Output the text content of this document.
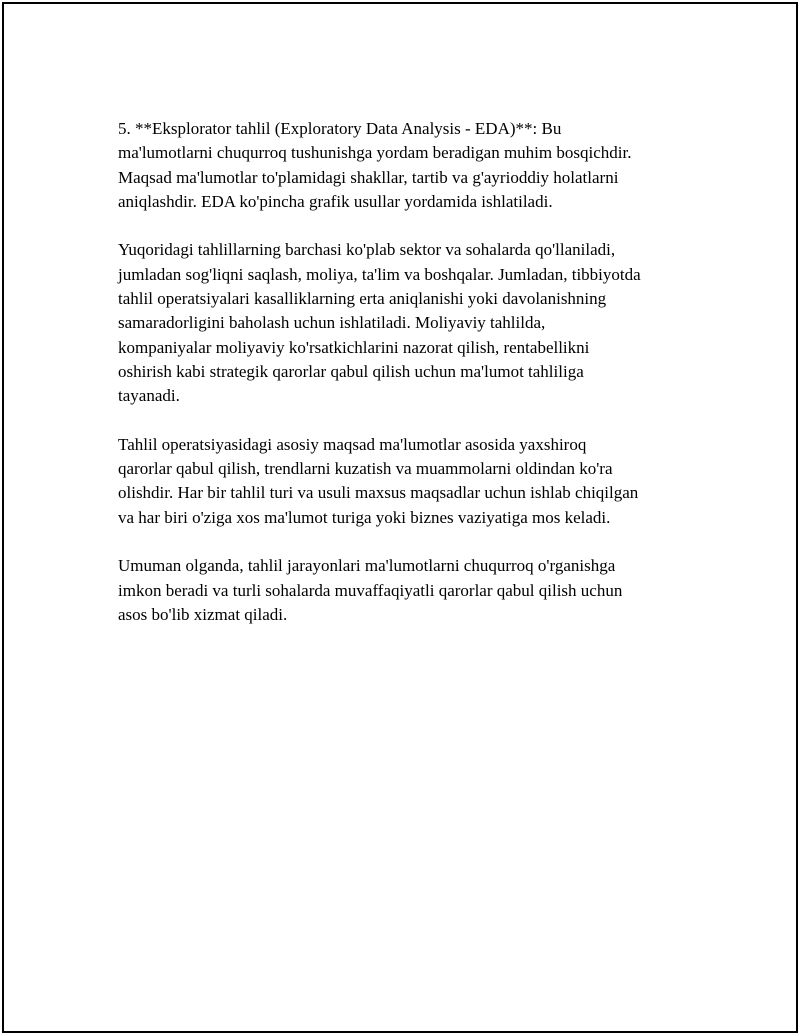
5. **Eksplorator tahlil (Exploratory Data Analysis - EDA)**: Bu
ma'lumotlarni chuqurroq tushunishga yordam beradigan muhim bosqichdir.
Maqsad ma'lumotlar to'plamidagi shakllar, tartib va g'ayrioddiy holatlarni
aniqlashdir. EDA ko'pincha grafik usullar yordamida ishlatiladi.

Yuqoridagi tahlillarning barchasi ko'plab sektor va sohalarda qo'llaniladi,
jumladan sog'liqni saqlash, moliya, ta'lim va boshqalar. Jumladan, tibbiyotda
tahlil operatsiyalari kasalliklarning erta aniqlanishi yoki davolanishning
samaradorligini baholash uchun ishlatiladi. Moliyaviy tahlilda,
kompaniyalar moliyaviy ko'rsatkichlarini nazorat qilish, rentabellikni
oshirish kabi strategik qarorlar qabul qilish uchun ma'lumot tahliliga
tayanadi.

Tahlil operatsiyasidagi asosiy maqsad ma'lumotlar asosida yaxshiroq
qarorlar qabul qilish, trendlarni kuzatish va muammolarni oldindan ko'ra
olishdir. Har bir tahlil turi va usuli maxsus maqsadlar uchun ishlab chiqilgan
va har biri o'ziga xos ma'lumot turiga yoki biznes vaziyatiga mos keladi.

Umuman olganda, tahlil jarayonlari ma'lumotlarni chuqurroq o'rganishga
imkon beradi va turli sohalarda muvaffaqiyatli qarorlar qabul qilish uchun
asos bo'lib xizmat qiladi.
